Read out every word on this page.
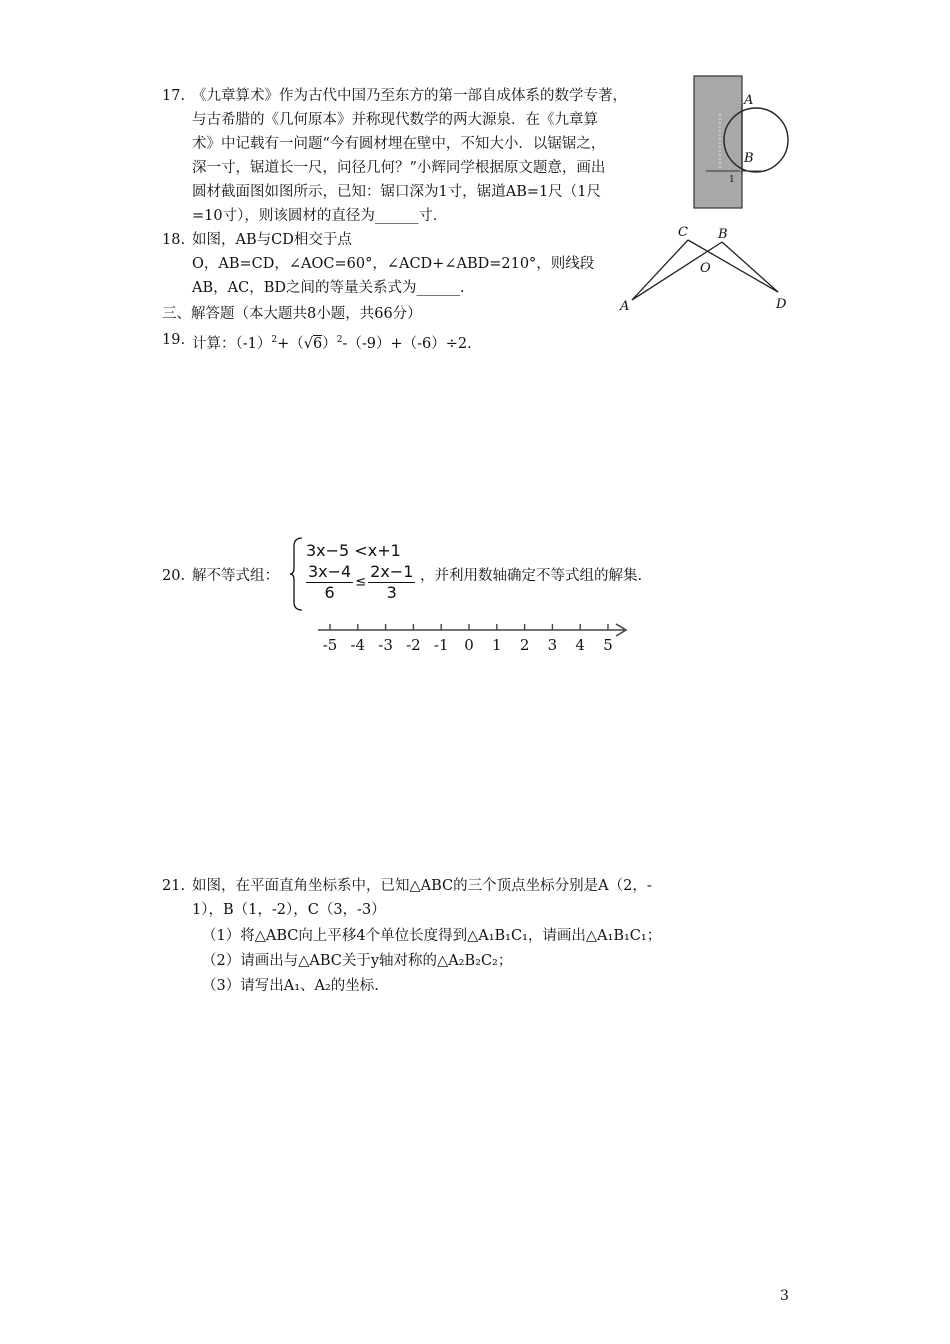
17. 《九章算术》作为古代中国乃至东方的第一部自成体系的数学专著，
与古希腊的《几何原本》并称现代数学的两大源泉．在《九章算
术》中记载有一问题“今有圆材埋在壁中，不知大小．以锯锯之，
深一寸，锯道长一尺，问径几何？”小辉同学根据原文题意，画出
圆材截面图如图所示，已知：锯口深为1寸，锯道AB=1尺（1尺
=10寸），则该圆材的直径为______寸．
A
B
1
18. 如图，AB与CD相交于点
O，AB=CD，∠AOC=60°，∠ACD+∠ABD=210°，则线段
AB，AC，BD之间的等量关系式为______.
C B
O
A	D
三、解答题（本大题共8小题，共66分）
19. 计算：$(-1)^2+(√6)^2-(-9)+(-6)\div 2$.
20. 解不等式组：
3x−5 <x+1
$\frac{3x-4}{6} \le \frac{2x-1}{3}$ ，并利用数轴确定不等式组的解集.
-5 -4 -3 -2 -1 0 1 2 3 4 5
21. 如图，在平面直角坐标系中，已知△ABC的三个顶点坐标分别是A（2，-
1），B（1，-2），C（3，-3）
（1）将△ABC向上平移4个单位长度得到△A₁B₁C₁，请画出△A₁B₁C₁；
（2）请画出与△ABC关于y轴对称的△A₂B₂C₂；
（3）请写出A₁、A₂的坐标.
3
